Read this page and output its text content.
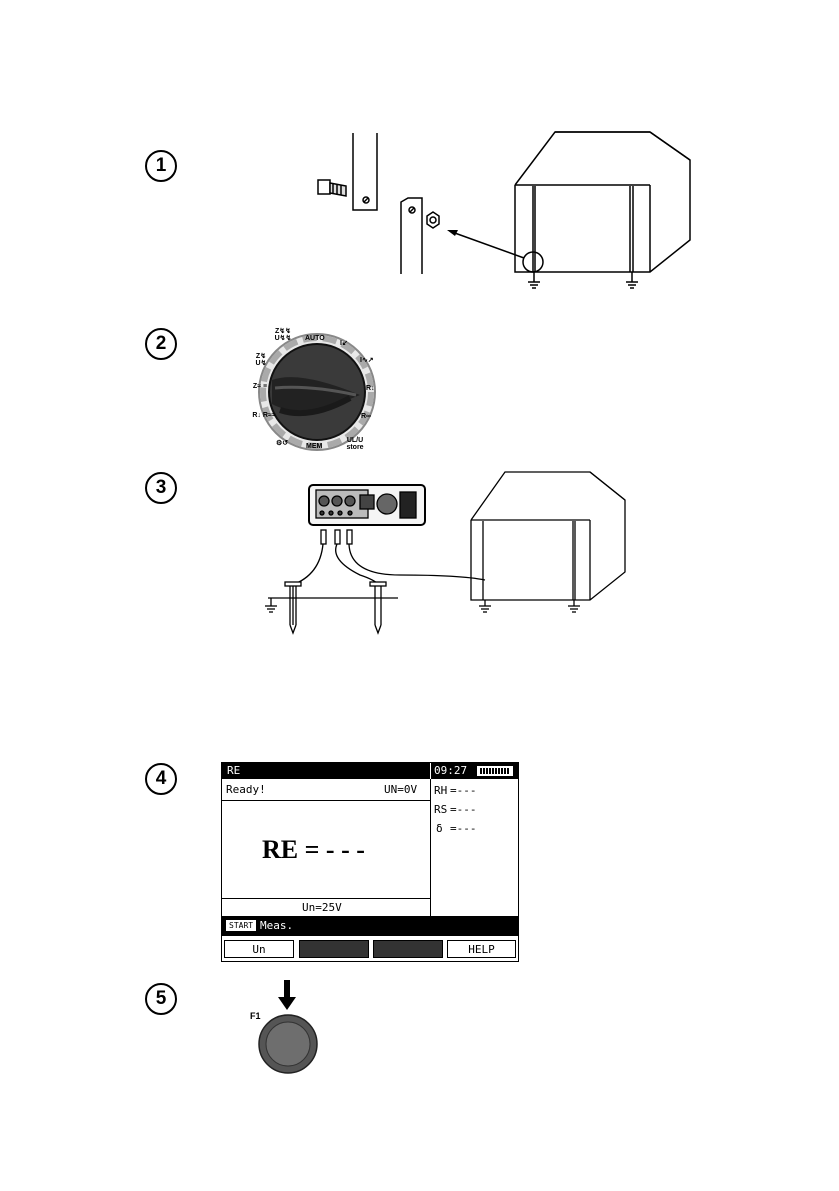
1
2
3
4
5
AUTO
I↙
I∿↗
R↓
R∞
UL/U store
MEM
⚙↺
R↓ R≈≈
Z≈ ≡
Z↯ U↯
Z↯↯ U↯↯
RE	09:27
Ready!	UN=0V
RE = - - -
Un=25V
RH =---
RS =---
δ =---
START Meas.
Un	HELP
F1
